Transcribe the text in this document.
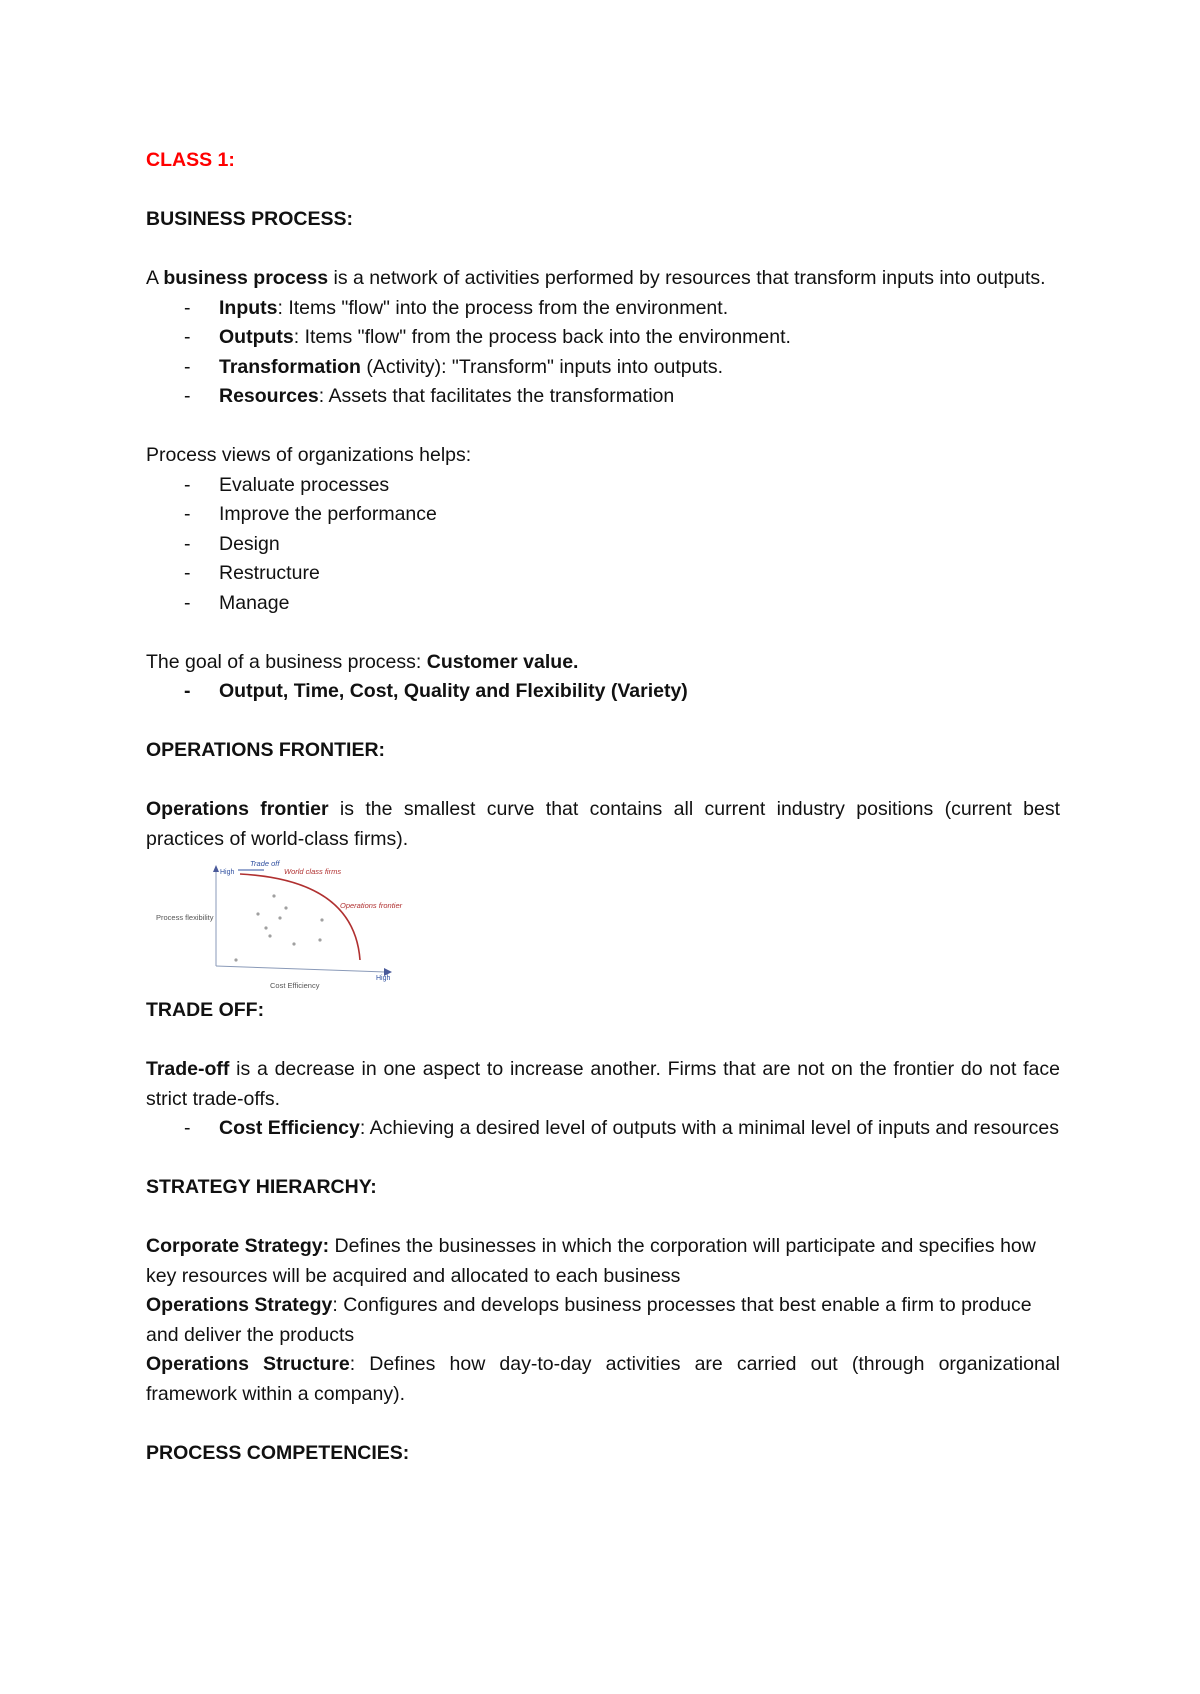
CLASS 1:

BUSINESS PROCESS:

A business process is a network of activities performed by resources that transform inputs into outputs.

- Inputs: Items "flow" into the process from the environment.
- Outputs: Items "flow" from the process back into the environment.
- Transformation (Activity): "Transform" inputs into outputs.
- Resources: Assets that facilitates the transformation

Process views of organizations helps:

- Evaluate processes
- Improve the performance
- Design
- Restructure
- Manage

The goal of a business process: Customer value.

- Output, Time, Cost, Quality and Flexibility (Variety)

OPERATIONS FRONTIER:

Operations frontier is the smallest curve that contains all current industry positions (current best practices of world-class firms).

High
Trade off
World class firms
Operations frontier
Process flexibility
Cost Efficiency
High

TRADE OFF:

Trade-off is a decrease in one aspect to increase another. Firms that are not on the frontier do not face strict trade-offs.

- Cost Efficiency: Achieving a desired level of outputs with a minimal level of inputs and resources

STRATEGY HIERARCHY:

Corporate Strategy: Defines the businesses in which the corporation will participate and specifies how key resources will be acquired and allocated to each business

Operations Strategy: Configures and develops business processes that best enable a firm to produce and deliver the products

Operations Structure: Defines how day-to-day activities are carried out (through organizational framework within a company).

PROCESS COMPETENCIES:
